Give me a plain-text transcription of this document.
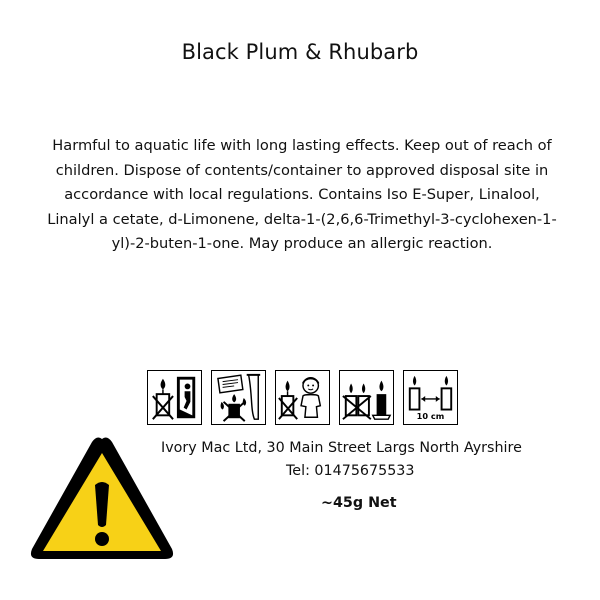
Black Plum & Rhubarb
Harmful to aquatic life with long lasting effects. Keep out of reach of children. Dispose of contents/container to approved disposal site in accordance with local regulations. Contains Iso E-Super, Linalool, Linalyl a cetate, d-Limonene, delta-1-(2,6,6-Trimethyl-3-cyclohexen-1-yl)-2-buten-1-one. May produce an allergic reaction.
10 cm
Ivory Mac Ltd, 30 Main Street Largs North Ayrshire
Tel: 01475675533
~45g Net
